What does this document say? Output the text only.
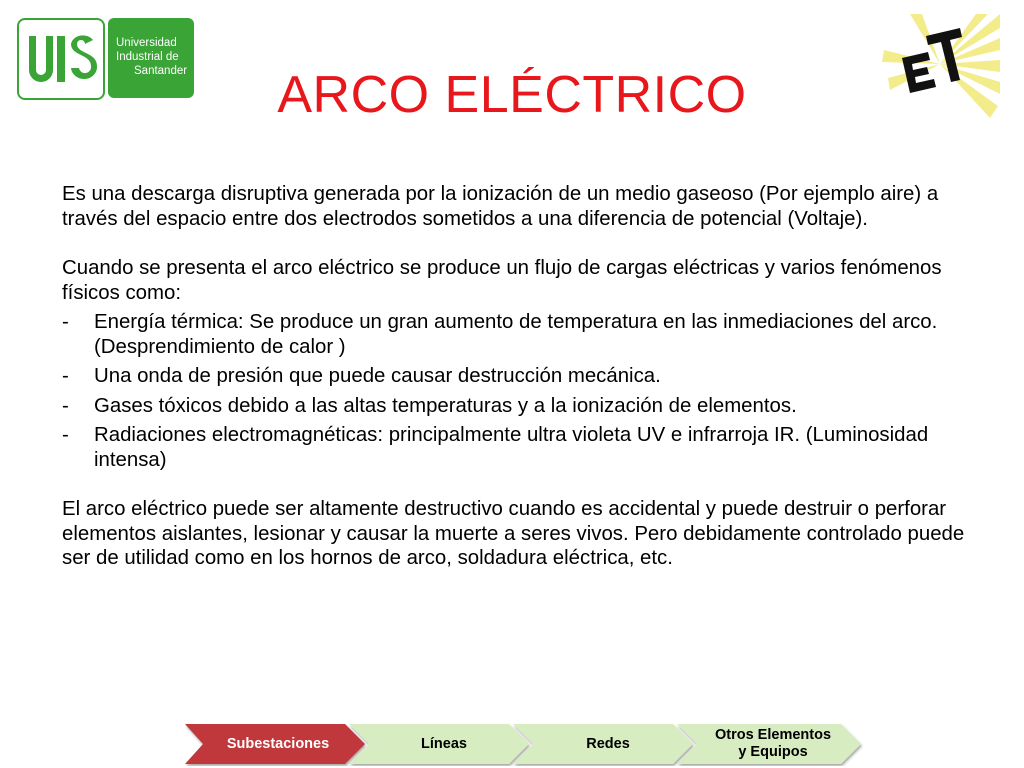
Universidad
Industrial de
Santander	ARCO ELÉCTRICO

Es una descarga disruptiva generada por la ionización de un medio gaseoso (Por ejemplo aire) a través del espacio entre dos electrodos sometidos a una diferencia de potencial (Voltaje).

Cuando se presenta el arco eléctrico se produce un flujo de cargas eléctricas y varios fenómenos físicos como:

- Energía térmica: Se produce un gran aumento de temperatura en las inmediaciones del arco. (Desprendimiento de calor )
- Una onda de presión que puede causar destrucción mecánica.
- Gases tóxicos debido a las altas temperaturas y a la ionización de elementos.
- Radiaciones electromagnéticas: principalmente ultra violeta UV e infrarroja IR. (Luminosidad intensa)

El arco eléctrico puede ser altamente destructivo cuando es accidental y puede destruir o perforar elementos aislantes, lesionar y causar la muerte a seres vivos. Pero debidamente controlado puede ser de utilidad como en los hornos de arco, soldadura eléctrica, etc.

Subestaciones	Líneas	Redes
Otros Elementos
y Equipos
